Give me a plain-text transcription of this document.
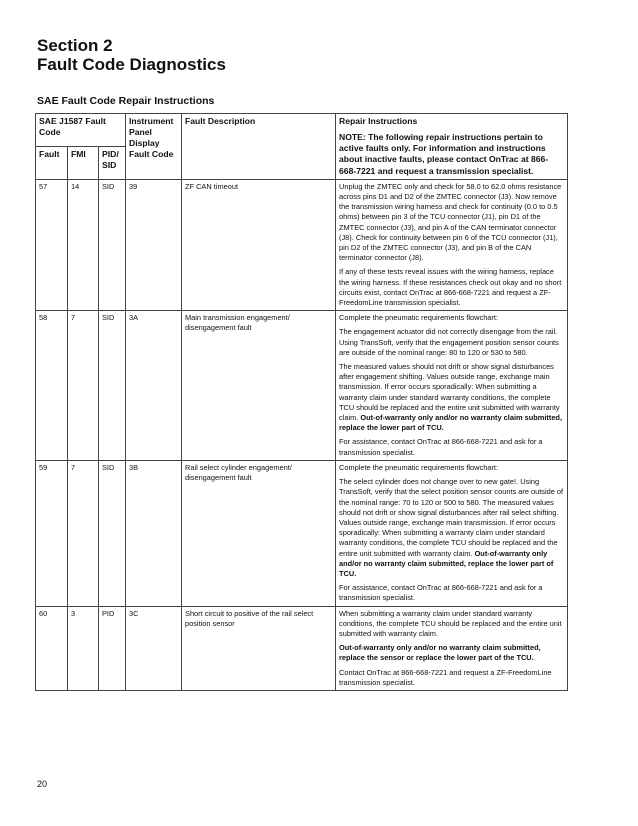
Section 2
Fault Code Diagnostics
SAE Fault Code Repair Instructions
SAE J1587 Fault Code			Instrument Panel Display Fault Code	Fault Description	Repair Instructions
NOTE: The following repair instructions pertain to active faults only. For information and instructions about inactive faults, please contact OnTrac at 866-668-7221 and request a transmission specialist.

Fault	FMI	PID/ SID			
57	14	SID	39	ZF CAN timeout	Unplug the ZMTEC only and check for 58.0 to 62.0 ohms resistance across pins D1 and D2 of the ZMTEC connector (J3). Now remove the transmission wiring harness and check for continuity (0.0 to 0.5 ohms) between pin 3 of the TCU connector (J1), pin D1 of the ZMTEC connector (J3), and pin A of the CAN terminator connector (J8). Check for continuity between pin 6 of the TCU connector (J1), pin D2 of the ZMTEC connector (J3), and pin B of the CAN terminator connector (J8).

If any of these tests reveal issues with the wiring harness, replace the wiring harness. If these resistances check out okay and no short circuits exist, contact OnTrac at 866-668-7221 and request a ZF-FreedomLine transmission specialist.

58	7	SID	3A	Main transmission engagement/ disengagement fault	Complete the pneumatic requirements flowchart:

The engagement actuator did not correctly disengage from the rail. Using TransSoft, verify that the engagement position sensor counts are outside of the nominal range: 80 to 120 or 530 to 580.

The measured values should not drift or show signal disturbances after engagement shifting. Values outside range, exchange main transmission. If error occurs sporadically: When submitting a warranty claim under standard warranty conditions, the complete TCU should be replaced and the entire unit submitted with warranty claim. Out-of-warranty only and/or no warranty claim submitted, replace the lower part of TCU.

For assistance, contact OnTrac at 866-668-7221 and ask for a transmission specialist.

59	7	SID	3B	Rail select cylinder engagement/ disengagement fault	Complete the pneumatic requirements flowchart:

The select cylinder does not change over to new gate!. Using TransSoft, verify that the select position sensor counts are outside of the nominal range: 70 to 120 or 500 to 580. The measured values should not drift or show signal disturbances after rail select shifting. Values outside range, exchange main transmission. If error occurs sporadically: When submitting a warranty claim under standard warranty conditions, the complete TCU should be replaced and the entire unit submitted with warranty claim. Out-of-warranty only and/or no warranty claim submitted, replace the lower part of TCU.

For assistance, contact OnTrac at 866-668-7221 and ask for a transmission specialist.

60	3	PID	3C	Short circuit to positive of the rail select position sensor	When submitting a warranty claim under standard warranty conditions, the complete TCU should be replaced and the entire unit submitted with warranty claim.

Out-of-warranty only and/or no warranty claim submitted, replace the sensor or replace the lower part of the TCU.

Contact OnTrac at 866-668-7221 and request a ZF-FreedomLine transmission specialist.

20
